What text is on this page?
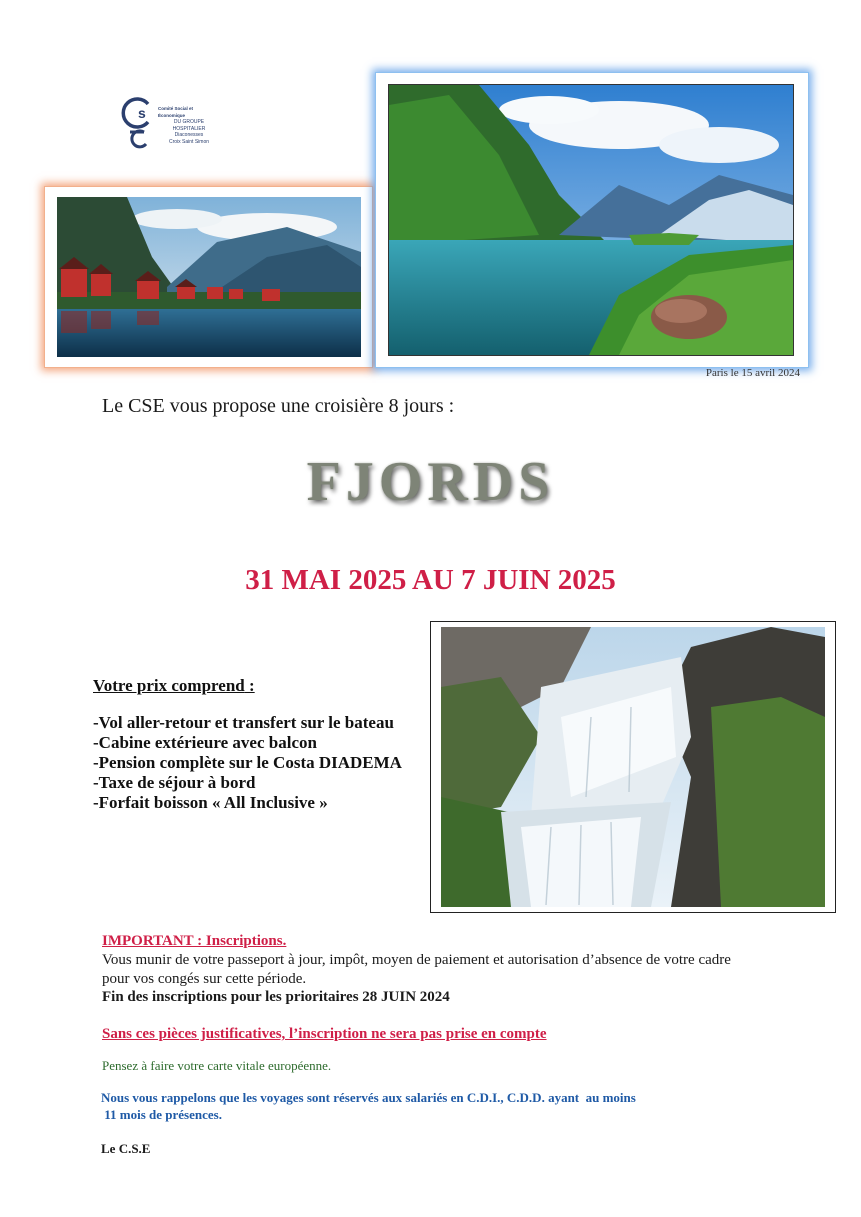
s	Comité Social et Économique
DU GROUPE
HOSPITALIER
Diaconesses
Croix Saint Simon
Paris le 15 avril 2024
Le CSE vous propose une croisière 8 jours :
FJORDS
31 MAI 2025 AU 7 JUIN 2025
Votre prix comprend :
-Vol aller-retour et transfert sur le bateau
-Cabine extérieure avec balcon
-Pension complète sur le Costa DIADEMA
-Taxe de séjour à bord
-Forfait boisson « All Inclusive »
IMPORTANT : Inscriptions.
Vous munir de votre passeport à jour, impôt, moyen de paiement et autorisation d’absence de votre cadre pour vos congés sur cette période.
Fin des inscriptions pour les prioritaires 28 JUIN 2024
Sans ces pièces justificatives, l’inscription ne sera pas prise en compte
Pensez à faire votre carte vitale européenne.
Nous vous rappelons que les voyages sont réservés aux salariés en C.D.I., C.D.D. ayant  au moins
11 mois de présences.
Le C.S.E
